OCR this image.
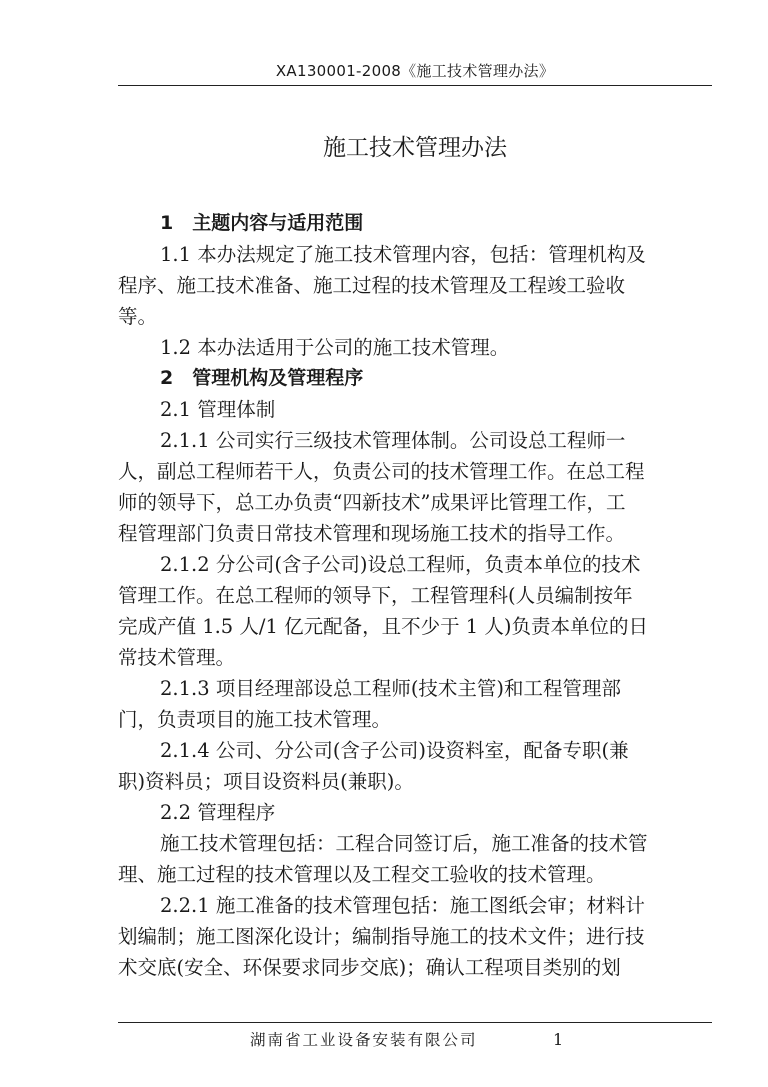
XA130001-2008《施工技术管理办法》
施工技术管理办法
1　主题内容与适用范围
1.1 本办法规定了施工技术管理内容，包括：管理机构及
程序、施工技术准备、施工过程的技术管理及工程竣工验收
等。
1.2 本办法适用于公司的施工技术管理。
2　管理机构及管理程序
2.1 管理体制
2.1.1 公司实行三级技术管理体制。公司设总工程师一
人，副总工程师若干人，负责公司的技术管理工作。在总工程
师的领导下，总工办负责“四新技术”成果评比管理工作，工
程管理部门负责日常技术管理和现场施工技术的指导工作。
2.1.2 分公司(含子公司)设总工程师，负责本单位的技术
管理工作。在总工程师的领导下，工程管理科(人员编制按年
完成产值 1.5 人/1 亿元配备，且不少于 1 人)负责本单位的日
常技术管理。
2.1.3 项目经理部设总工程师(技术主管)和工程管理部
门，负责项目的施工技术管理。
2.1.4 公司、分公司(含子公司)设资料室，配备专职(兼
职)资料员；项目设资料员(兼职)。
2.2 管理程序
施工技术管理包括：工程合同签订后，施工准备的技术管
理、施工过程的技术管理以及工程交工验收的技术管理。
2.2.1 施工准备的技术管理包括：施工图纸会审；材料计
划编制；施工图深化设计；编制指导施工的技术文件；进行技
术交底(安全、环保要求同步交底)；确认工程项目类别的划
湖南省工业设备安装有限公司	1
